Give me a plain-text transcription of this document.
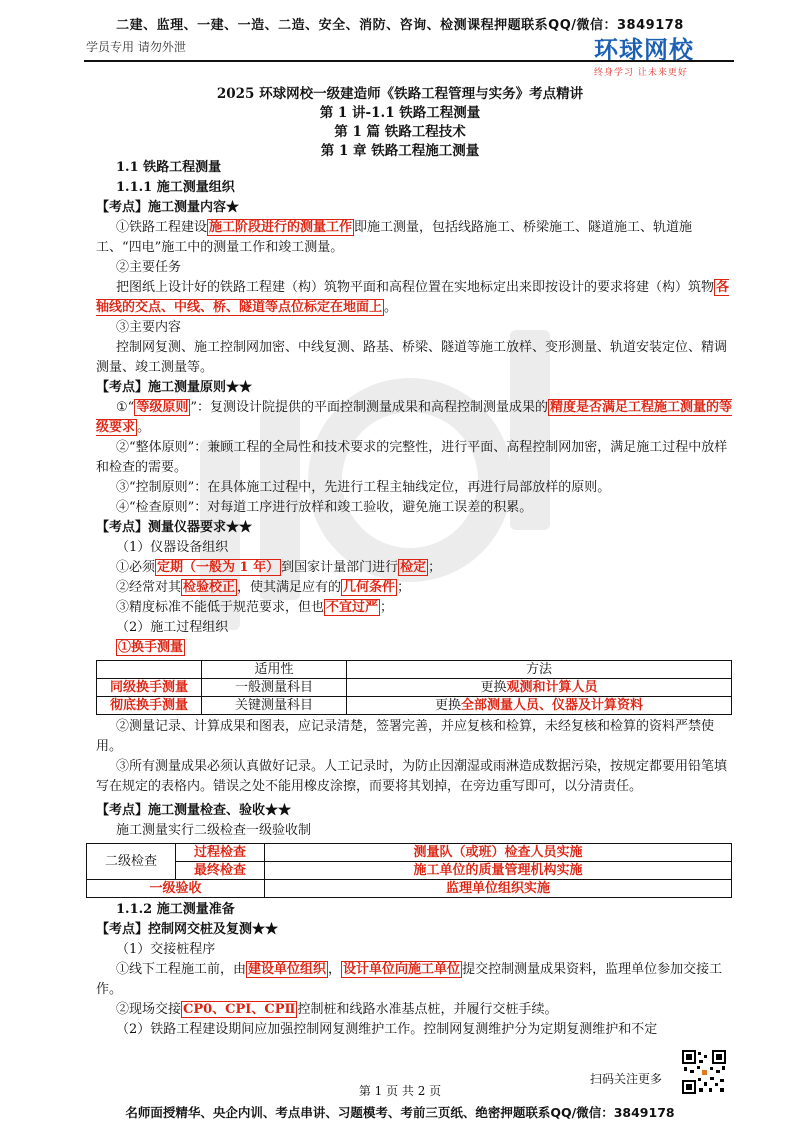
二建、监理、一建、一造、二造、安全、消防、咨询、检测课程押题联系QQ/微信：3849178
学员专用 请勿外泄	环球网校
终身学习 让未来更好
2025 环球网校一级建造师《铁路工程管理与实务》考点精讲
第 1 讲-1.1 铁路工程测量
第 1 篇 铁路工程技术
第 1 章 铁路工程施工测量

1.1 铁路工程测量

1.1.1 施工测量组织

【考点】施工测量内容★

①铁路工程建设 施工阶段进行的测量工作 即施工测量，包括线路施工、桥梁施工、隧道施工、轨道施工、“四电”施工中的测量工作和竣工测量。

②主要任务

把图纸上设计好的铁路工程建（构）筑物平面和高程位置在实地标定出来即按设计的要求将建（构）筑物 各轴线的交点、中线、桥、隧道等点位标定在地面上 。

③主要内容

控制网复测、施工控制网加密、中线复测、路基、桥梁、隧道等施工放样、变形测量、轨道安装定位、精调测量、竣工测量等。

【考点】施工测量原则★★

①“ 等级原则 ”：复测设计院提供的平面控制测量成果和高程控制测量成果的 精度是否满足工程施工测量的等级要求 。

②“整体原则”：兼顾工程的全局性和技术要求的完整性，进行平面、高程控制网加密，满足施工过程中放样和检查的需要。

③“控制原则”：在具体施工过程中，先进行工程主轴线定位，再进行局部放样的原则。

④“检查原则”：对每道工序进行放样和竣工验收，避免施工误差的积累。

【考点】测量仪器要求★★

（1）仪器设备组织

①必须 定期（一般为 1 年） 到国家计量部门进行 检定 ；

②经常对其 检验校正 ，使其满足应有的 几何条件 ；

③精度标准不能低于规范要求，但也 不宜过严 ；

（2）施工过程组织

①换手测量

	适用性	方法
同级换手测量	一般测量科目	更换观测和计算人员
彻底换手测量	关键测量科目	更换全部测量人员、仪器及计算资料

②测量记录、计算成果和图表，应记录清楚，签署完善，并应复核和检算，未经复核和检算的资料严禁使用。

③所有测量成果必须认真做好记录。人工记录时，为防止因潮湿或雨淋造成数据污染，按规定都要用铅笔填写在规定的表格内。错误之处不能用橡皮涂擦，而要将其划掉，在旁边重写即可，以分清责任。

【考点】施工测量检查、验收★★

施工测量实行二级检查一级验收制

二级检查	过程检查	测量队（或班）检查人员实施
	最终检查	施工单位的质量管理机构实施
一级验收		监理单位组织实施

1.1.2 施工测量准备

【考点】控制网交桩及复测★★

（1）交接桩程序

①线下工程施工前，由 建设单位组织 ， 设计单位向施工单位 提交控制测量成果资料，监理单位参加交接工作。

②现场交接 CP0、CPⅠ、CPⅡ 控制桩和线路水准基点桩，并履行交桩手续。

（2）铁路工程建设期间应加强控制网复测维护工作。控制网复测维护分为定期复测维护和不定

扫码关注更多
第 1 页 共 2 页
名师面授精华、央企内训、考点串讲、习题模考、考前三页纸、绝密押题联系QQ/微信：3849178
